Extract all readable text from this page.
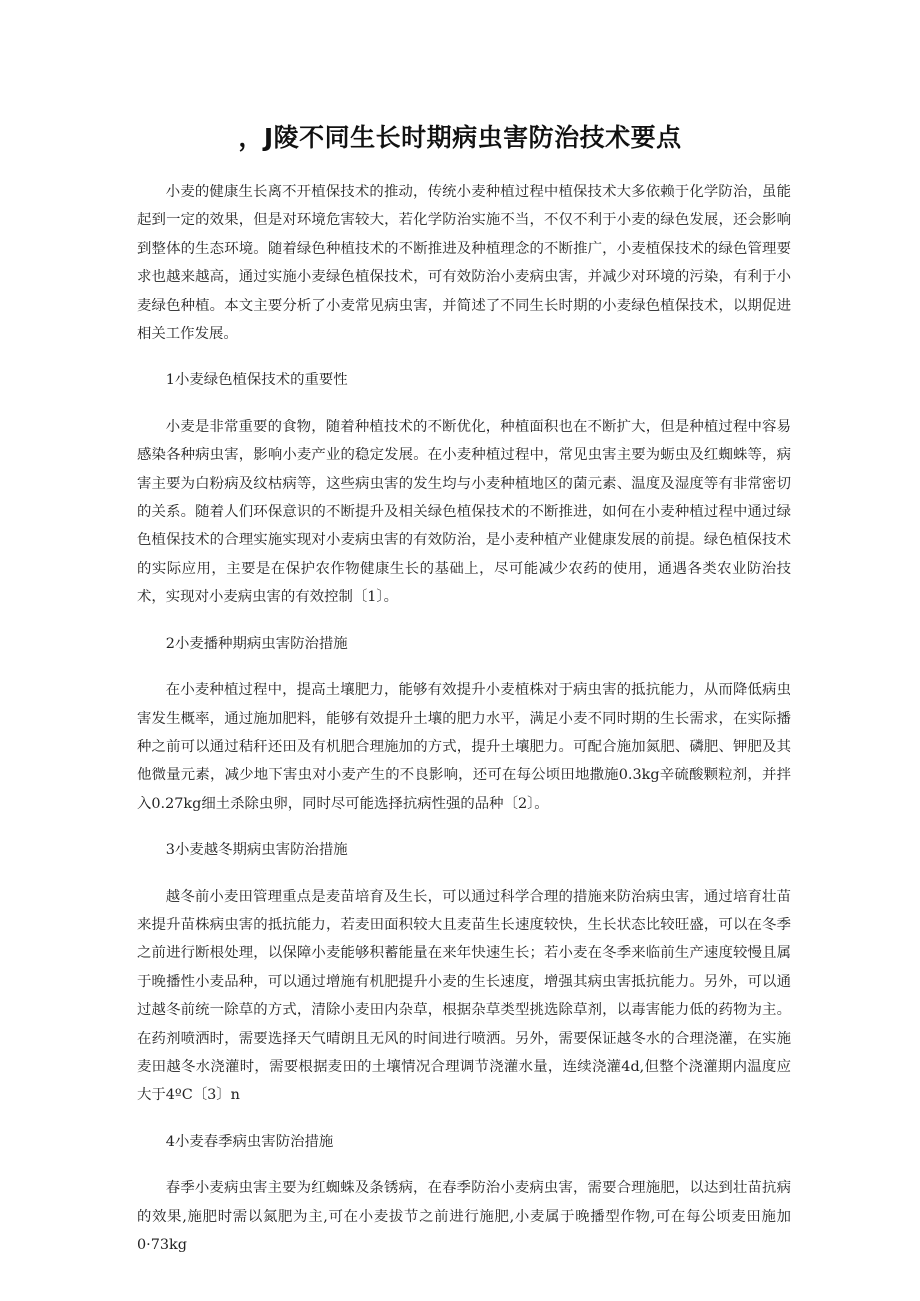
，J陵不同生长时期病虫害防治技术要点

小麦的健康生长离不开植保技术的推动，传统小麦种植过程中植保技术大多依赖于化学防治，虽能起到一定的效果，但是对环境危害较大，若化学防治实施不当，不仅不利于小麦的绿色发展，还会影响到整体的生态环境。随着绿色种植技术的不断推进及种植理念的不断推广，小麦植保技术的绿色管理要求也越来越高，通过实施小麦绿色植保技术，可有效防治小麦病虫害，并减少对环境的污染，有利于小麦绿色种植。本文主要分析了小麦常见病虫害，并简述了不同生长时期的小麦绿色植保技术，以期促进相关工作发展。

1小麦绿色植保技术的重要性

小麦是非常重要的食物，随着种植技术的不断优化，种植面积也在不断扩大，但是种植过程中容易感染各种病虫害，影响小麦产业的稳定发展。在小麦种植过程中，常见虫害主要为蛎虫及红蜘蛛等，病害主要为白粉病及纹枯病等，这些病虫害的发生均与小麦种植地区的菌元素、温度及湿度等有非常密切的关系。随着人们环保意识的不断提升及相关绿色植保技术的不断推进，如何在小麦种植过程中通过绿色植保技术的合理实施实现对小麦病虫害的有效防治，是小麦种植产业健康发展的前提。绿色植保技术的实际应用，主要是在保护农作物健康生长的基础上，尽可能减少农药的使用，通遇各类农业防治技术，实现对小麦病虫害的有效控制〔1〕。

2小麦播种期病虫害防治措施

在小麦种植过程中，提高土壤肥力，能够有效提升小麦植株对于病虫害的抵抗能力，从而降低病虫害发生概率，通过施加肥料，能够有效提升土壤的肥力水平，满足小麦不同时期的生长需求，在实际播种之前可以通过秸秆还田及有机肥合理施加的方式，提升土壤肥力。可配合施加氮肥、磷肥、钾肥及其他微量元素，减少地下害虫对小麦产生的不良影响，还可在每公顷田地撒施0.3kg辛硫酸颗粒剂，并拌入0.27kg细土杀除虫卵，同时尽可能选择抗病性强的品种〔2〕。

3小麦越冬期病虫害防治措施

越冬前小麦田管理重点是麦苗培育及生长，可以通过科学合理的措施来防治病虫害，通过培育壮苗来提升苗株病虫害的抵抗能力，若麦田面积较大且麦苗生长速度较快，生长状态比较旺盛，可以在冬季之前进行断根处理，以保障小麦能够积蓄能量在来年快速生长；若小麦在冬季来临前生产速度较慢且属于晚播性小麦品种，可以通过增施有机肥提升小麦的生长速度，增强其病虫害抵抗能力。另外，可以通过越冬前统一除草的方式，清除小麦田内杂草，根据杂草类型挑选除草剂，以毒害能力低的药物为主。在药剂喷洒时，需要选择天气晴朗且无风的时间进行喷洒。另外，需要保证越冬水的合理浇灌，在实施麦田越冬水浇灌时，需要根据麦田的土壤情况合理调节浇灌水量，连续浇灌4d,但整个浇灌期内温度应大于4ºC〔3〕n

4小麦春季病虫害防治措施

春季小麦病虫害主要为红蜘蛛及条锈病，在春季防治小麦病虫害，需要合理施肥，以达到壮苗抗病的效果,施肥时需以氮肥为主,可在小麦拔节之前进行施肥,小麦属于晚播型作物,可在每公顷麦田施加0·73kg
